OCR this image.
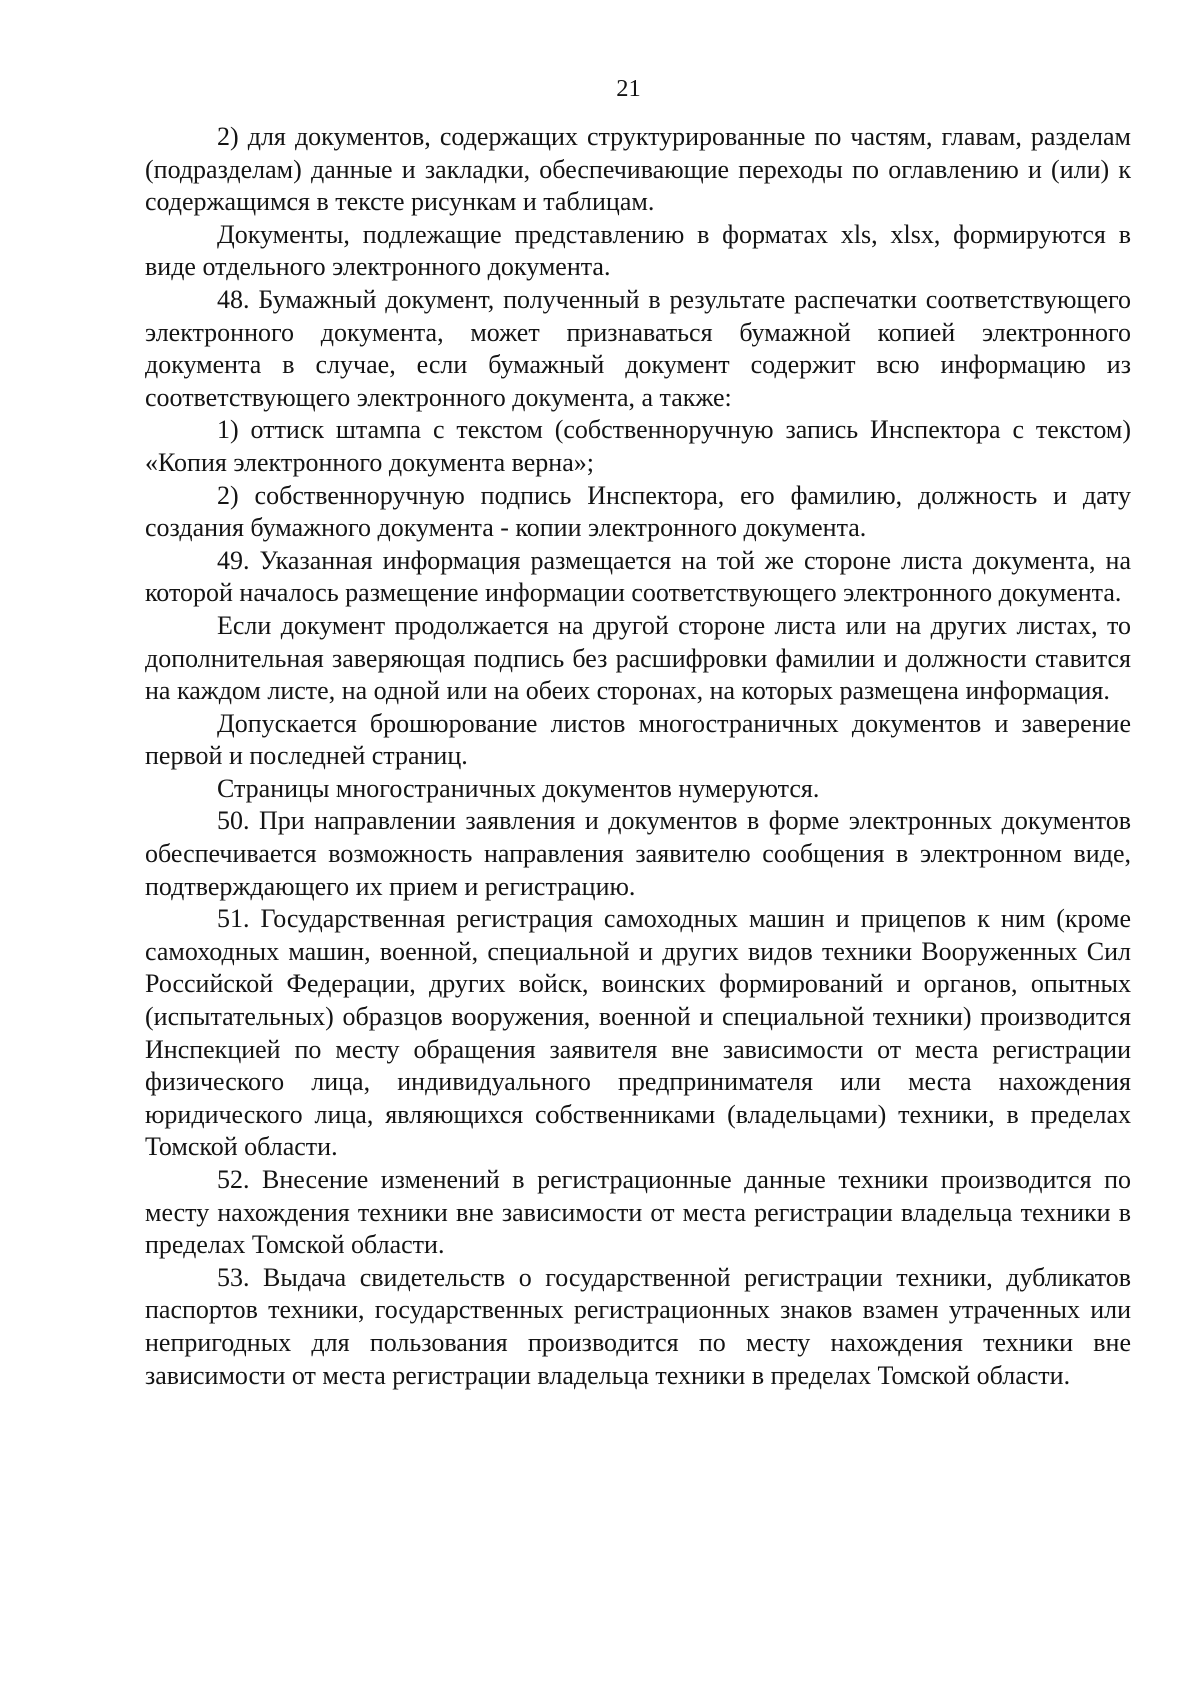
21

2) для документов, содержащих структурированные по частям, главам, разделам (подразделам) данные и закладки, обеспечивающие переходы по оглавлению и (или) к содержащимся в тексте рисункам и таблицам.

Документы, подлежащие представлению в форматах xls, xlsx, формируются в виде отдельного электронного документа.

48. Бумажный документ, полученный в результате распечатки соответствующего электронного документа, может признаваться бумажной копией электронного документа в случае, если бумажный документ содержит всю информацию из соответствующего электронного документа, а также:

1) оттиск штампа с текстом (собственноручную запись Инспектора с текстом) «Копия электронного документа верна»;

2) собственноручную подпись Инспектора, его фамилию, должность и дату создания бумажного документа - копии электронного документа.

49. Указанная информация размещается на той же стороне листа документа, на которой началось размещение информации соответствующего электронного документа.

Если документ продолжается на другой стороне листа или на других листах, то дополнительная заверяющая подпись без расшифровки фамилии и должности ставится на каждом листе, на одной или на обеих сторонах, на которых размещена информация.

Допускается брошюрование листов многостраничных документов и заверение первой и последней страниц.

Страницы многостраничных документов нумеруются.

50. При направлении заявления и документов в форме электронных документов обеспечивается возможность направления заявителю сообщения в электронном виде, подтверждающего их прием и регистрацию.

51. Государственная регистрация самоходных машин и прицепов к ним (кроме самоходных машин, военной, специальной и других видов техники Вооруженных Сил Российской Федерации, других войск, воинских формирований и органов, опытных (испытательных) образцов вооружения, военной и специальной техники) производится Инспекцией по месту обращения заявителя вне зависимости от места регистрации физического лица, индивидуального предпринимателя или места нахождения юридического лица, являющихся собственниками (владельцами) техники, в пределах Томской области.

52. Внесение изменений в регистрационные данные техники производится по месту нахождения техники вне зависимости от места регистрации владельца техники в пределах Томской области.

53. Выдача свидетельств о государственной регистрации техники, дубликатов паспортов техники, государственных регистрационных знаков взамен утраченных или непригодных для пользования производится по месту нахождения техники вне зависимости от места регистрации владельца техники в пределах Томской области.
